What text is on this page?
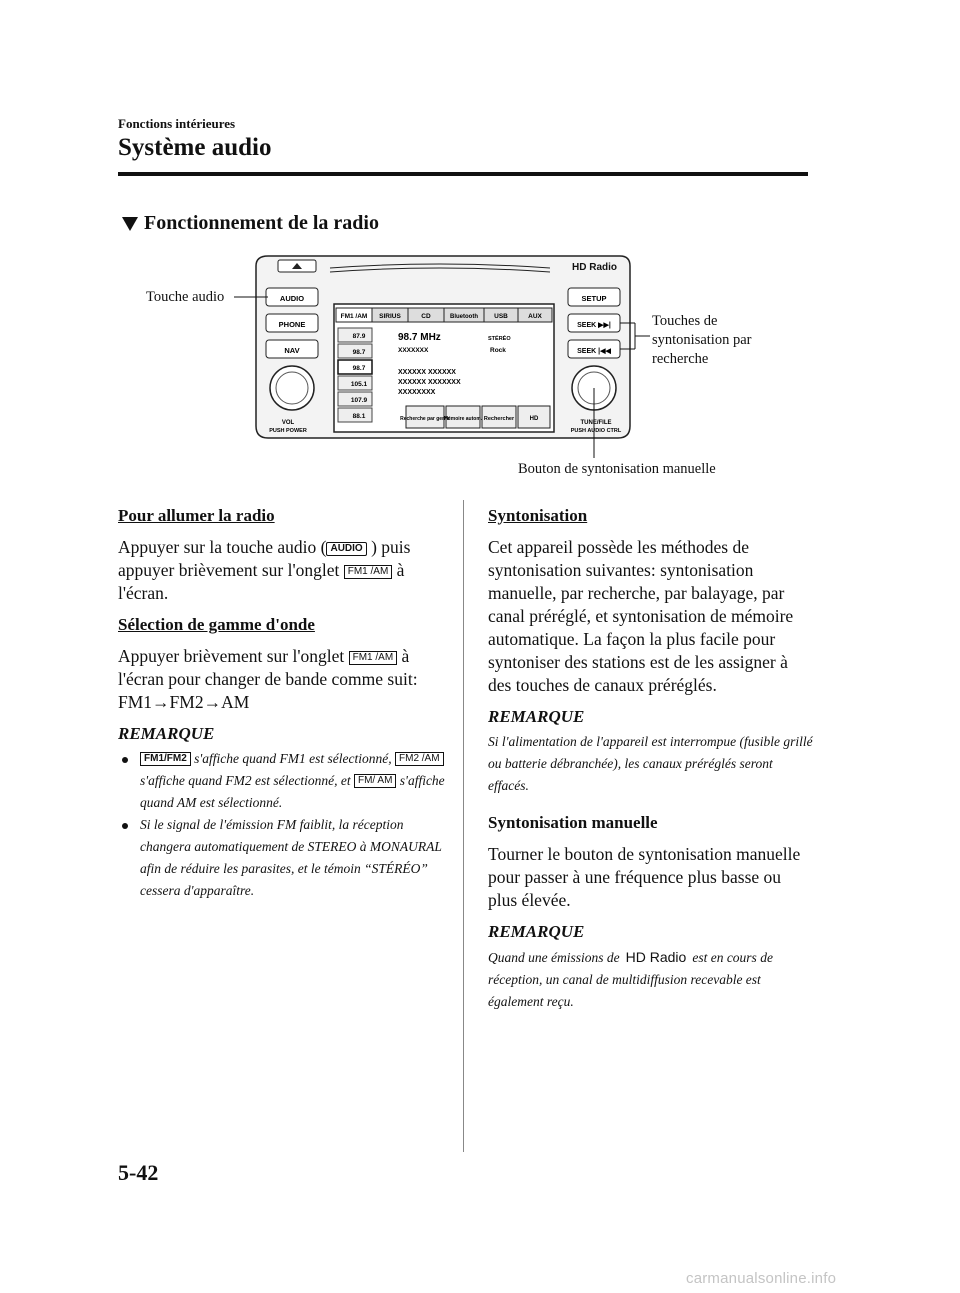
Fonctions intérieures
Système audio
Fonctionnement de la radio
HD Radio
AUDIO
PHONE
NAV
VOL
PUSH POWER
SETUP
SEEK ▶▶|
SEEK |◀◀
TUNE/FILE
PUSH AUDIO CTRL
FM1 /AM SIRIUS	CD	Bluetooth USB	AUX
87.9
98.7
98.7
105.1
107.9
88.1
98.7 MHz	STÉRÉO
XXXXXXX	Rock
XXXXXX XXXXXX
XXXXXX XXXXXXX
XXXXXXXX
Recherche par genre
Mémoire autom. Rechercher	HD
Touche audio
Touches de
syntonisation par
recherche
Bouton de syntonisation manuelle
Pour allumer la radio
Appuyer sur la touche audio ( AUDIO ) puis appuyer brièvement sur l'onglet FM1 /AM à l'écran.
Sélection de gamme d'onde
Appuyer brièvement sur l'onglet FM1 /AM à l'écran pour changer de bande comme suit:
FM1→FM2→AM
REMARQUE
FM1/FM2 s'affiche quand FM1 est sélectionné, FM2 /AM s'affiche quand FM2 est sélectionné, et FM/ AM s'affiche quand AM est sélectionné.
Si le signal de l'émission FM faiblit, la réception changera automatiquement de STEREO à MONAURAL afin de réduire les parasites, et le témoin “STÉRÉO” cessera d'apparaître.
Syntonisation
Cet appareil possède les méthodes de syntonisation suivantes: syntonisation manuelle, par recherche, par balayage, par canal préréglé, et syntonisation de mémoire automatique. La façon la plus facile pour syntoniser des stations est de les assigner à des touches de canaux préréglés.
REMARQUE
Si l'alimentation de l'appareil est interrompue (fusible grillé ou batterie débranchée), les canaux préréglés seront effacés.
Syntonisation manuelle
Tourner le bouton de syntonisation manuelle pour passer à une fréquence plus basse ou plus élevée.
REMARQUE
Quand une émissions de HD Radio est en cours de réception, un canal de multidiffusion recevable est également reçu.
5-42
carmanualsonline.info
